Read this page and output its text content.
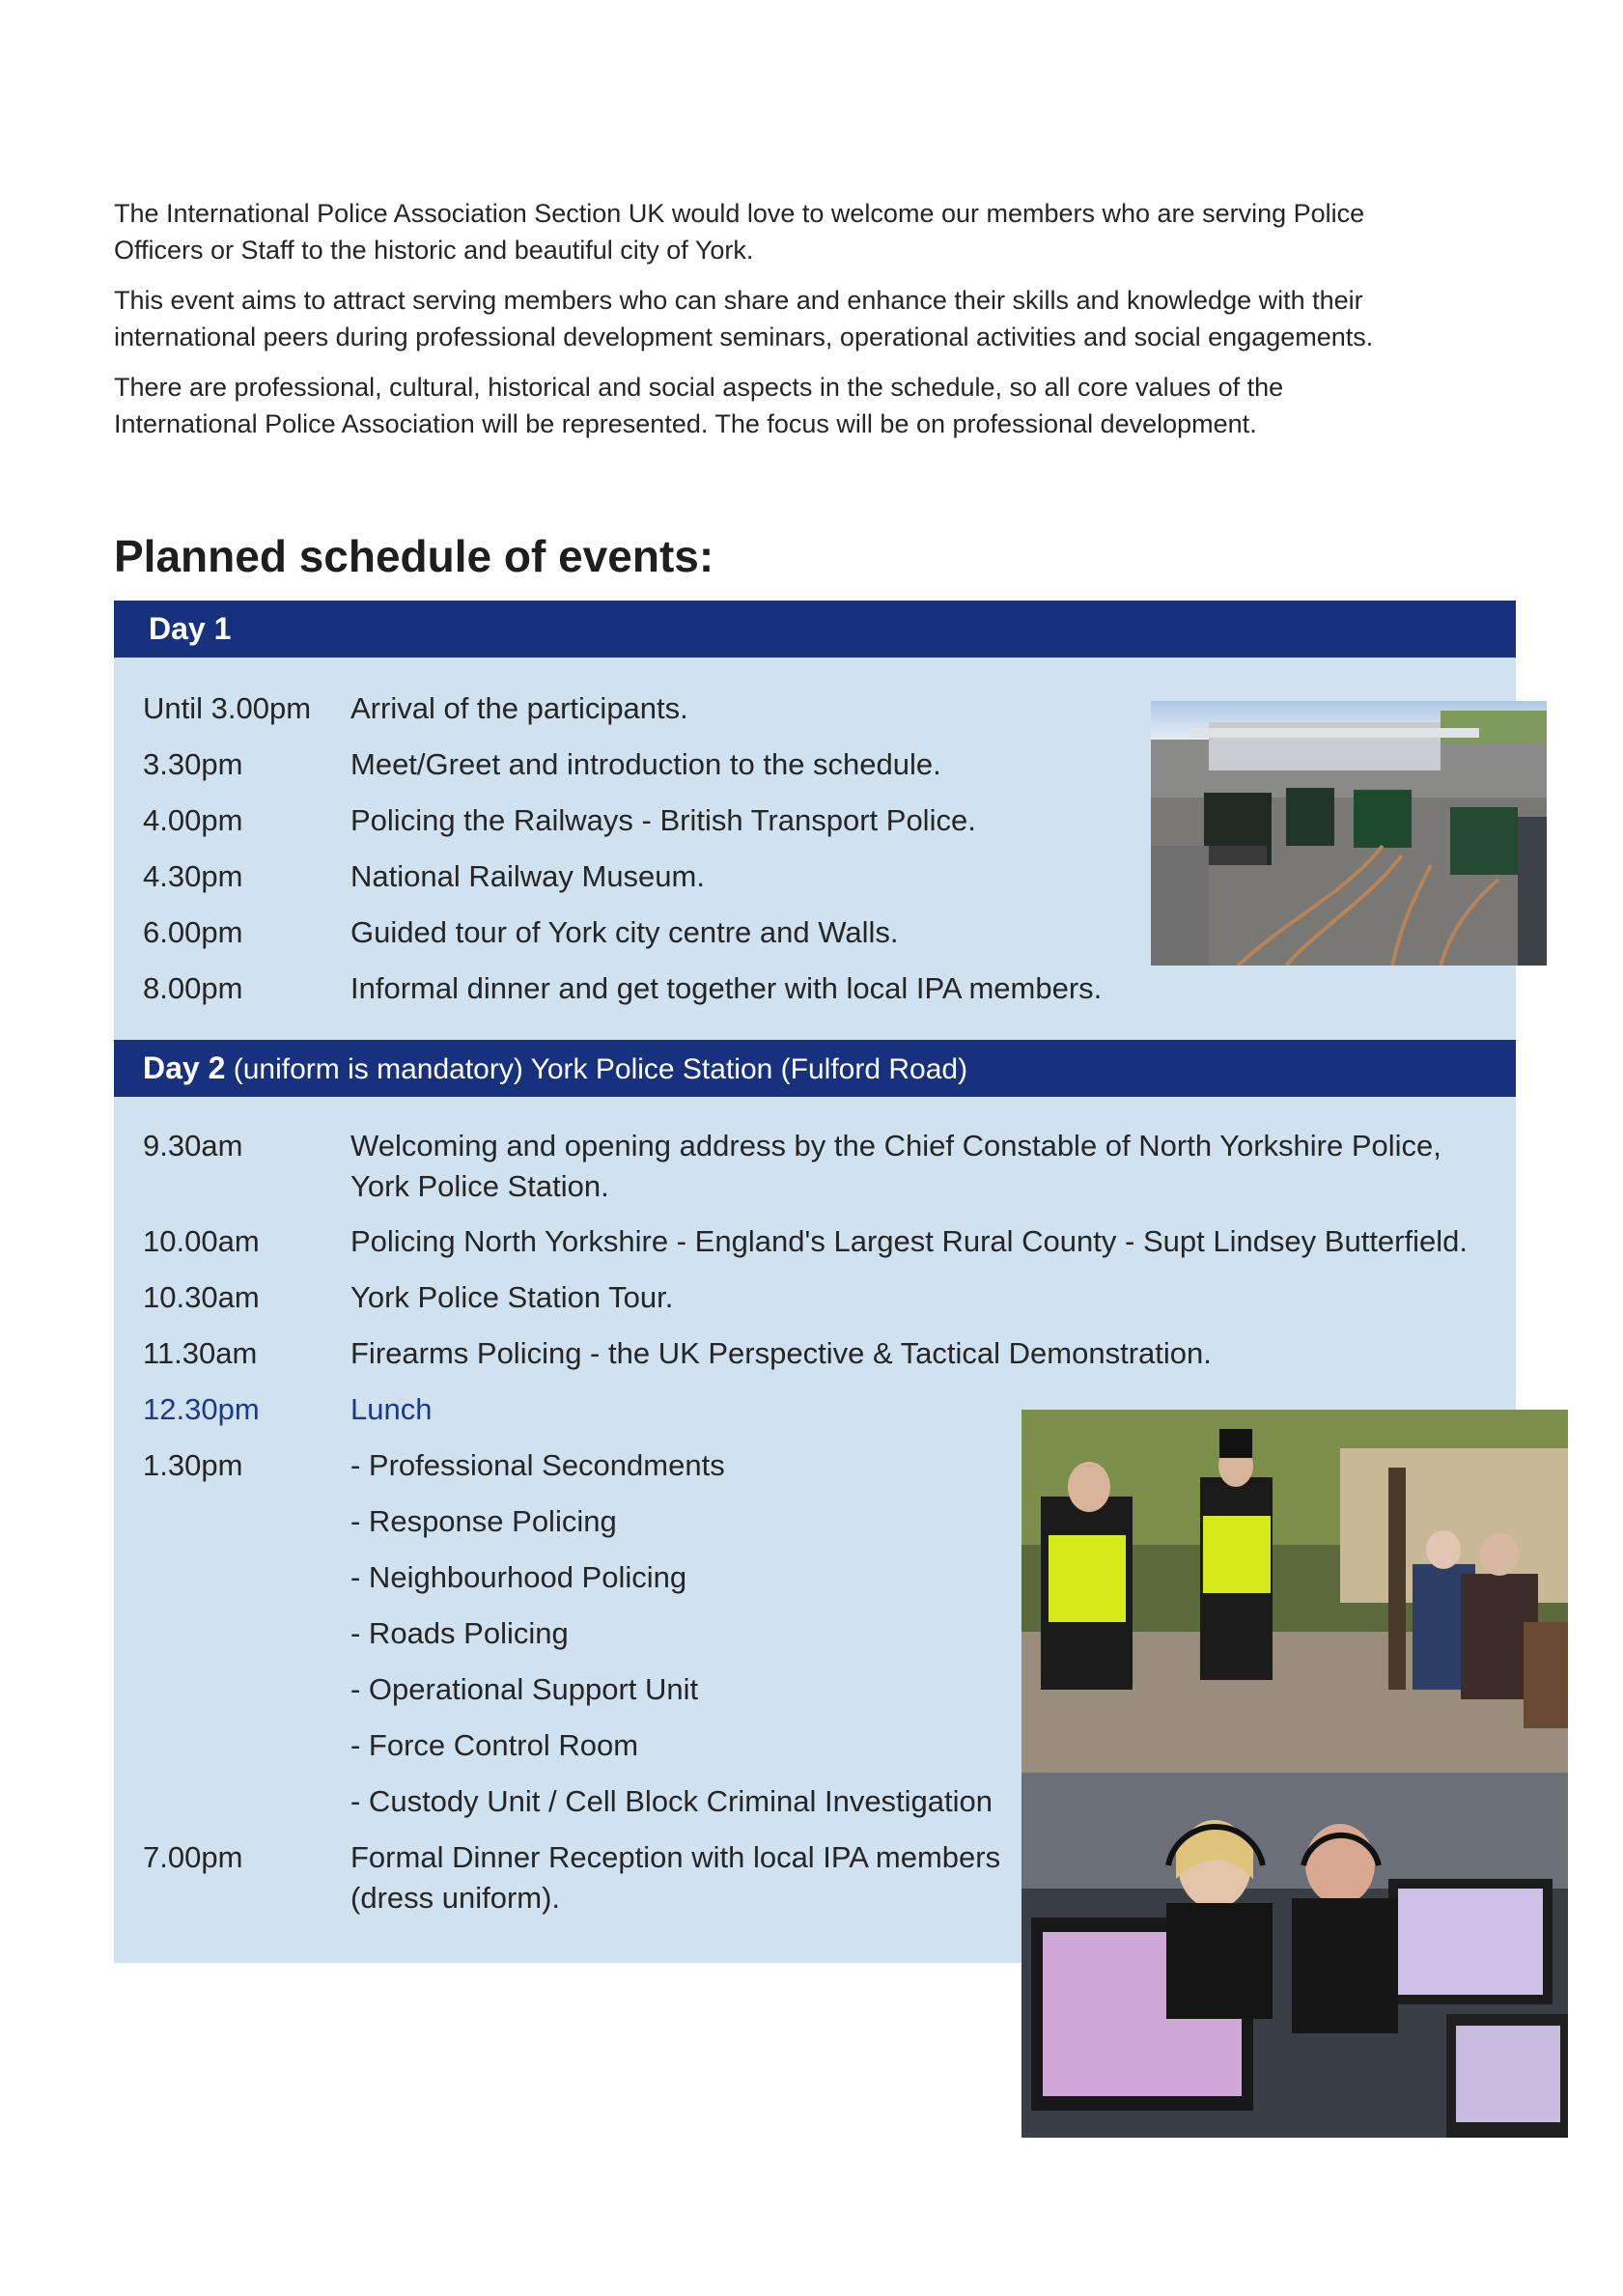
The International Police Association Section UK would love to welcome our members who are serving Police
Officers or Staff to the historic and beautiful city of York.

This event aims to attract serving members who can share and enhance their skills and knowledge with their
international peers during professional development seminars, operational activities and social engagements.

There are professional, cultural, historical and social aspects in the schedule, so all core values of the
International Police Association will be represented. The focus will be on professional development.

Planned schedule of events:
Day 1
Until 3.00pm Arrival of the participants.
3.30pm	Meet/Greet and introduction to the schedule.
4.00pm	Policing the Railways - British Transport Police.
4.30pm	National Railway Museum.
6.00pm	Guided tour of York city centre and Walls.
8.00pm	Informal dinner and get together with local IPA members.
Day 2 (uniform is mandatory) York Police Station (Fulford Road)
9.30am	Welcoming and opening address by the Chief Constable of North Yorkshire Police,
York Police Station.
10.00am	Policing North Yorkshire - England's Largest Rural County - Supt Lindsey Butterfield.
10.30am	York Police Station Tour.
11.30am	Firearms Policing - the UK Perspective & Tactical Demonstration.
12.30pm	Lunch
1.30pm	- Professional Secondments
- Response Policing
- Neighbourhood Policing
- Roads Policing
- Operational Support Unit
- Force Control Room
- Custody Unit / Cell Block Criminal Investigation
7.00pm	Formal Dinner Reception with local IPA members
(dress uniform).
